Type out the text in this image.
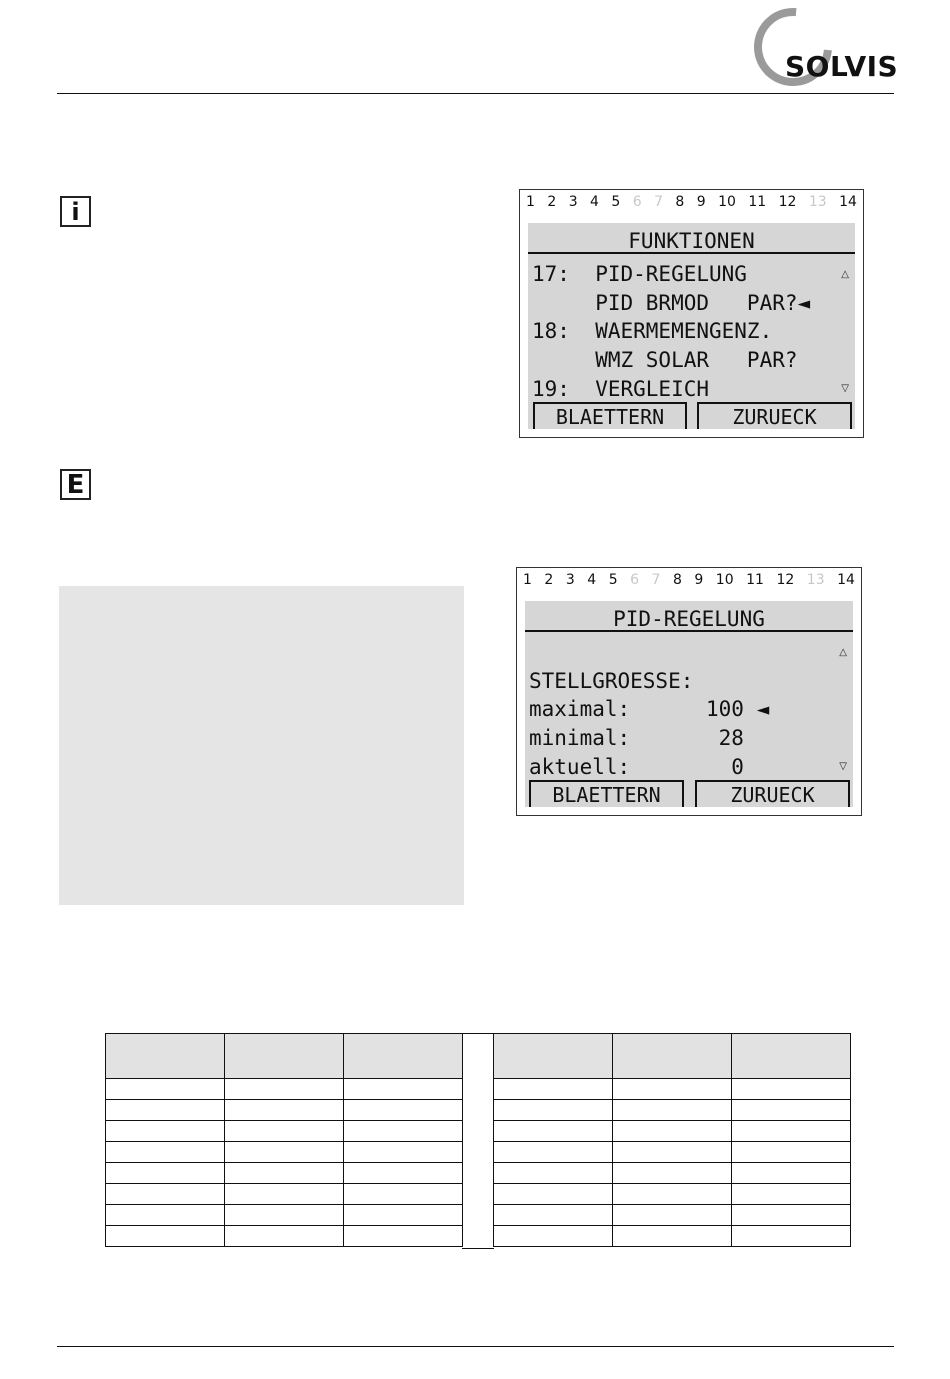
SOLVIS
i
E
1 2 3 4 5 6 7 8 9 10 11 12 13 14
FUNKTIONEN
17:  PID-REGELUNG
PID BRMOD   PAR?◄
18:  WAERMEMENGENZ.
WMZ SOLAR   PAR?
19:  VERGLEICH
△
▽
BLAETTERN	ZURUECK
1 2 3 4 5 6 7 8 9 10 11 12 13 14
PID-REGELUNG
STELLGROESSE:
maximal:      100 ◄
minimal:       28
aktuell:        0
△
▽
BLAETTERN	ZURUECK
